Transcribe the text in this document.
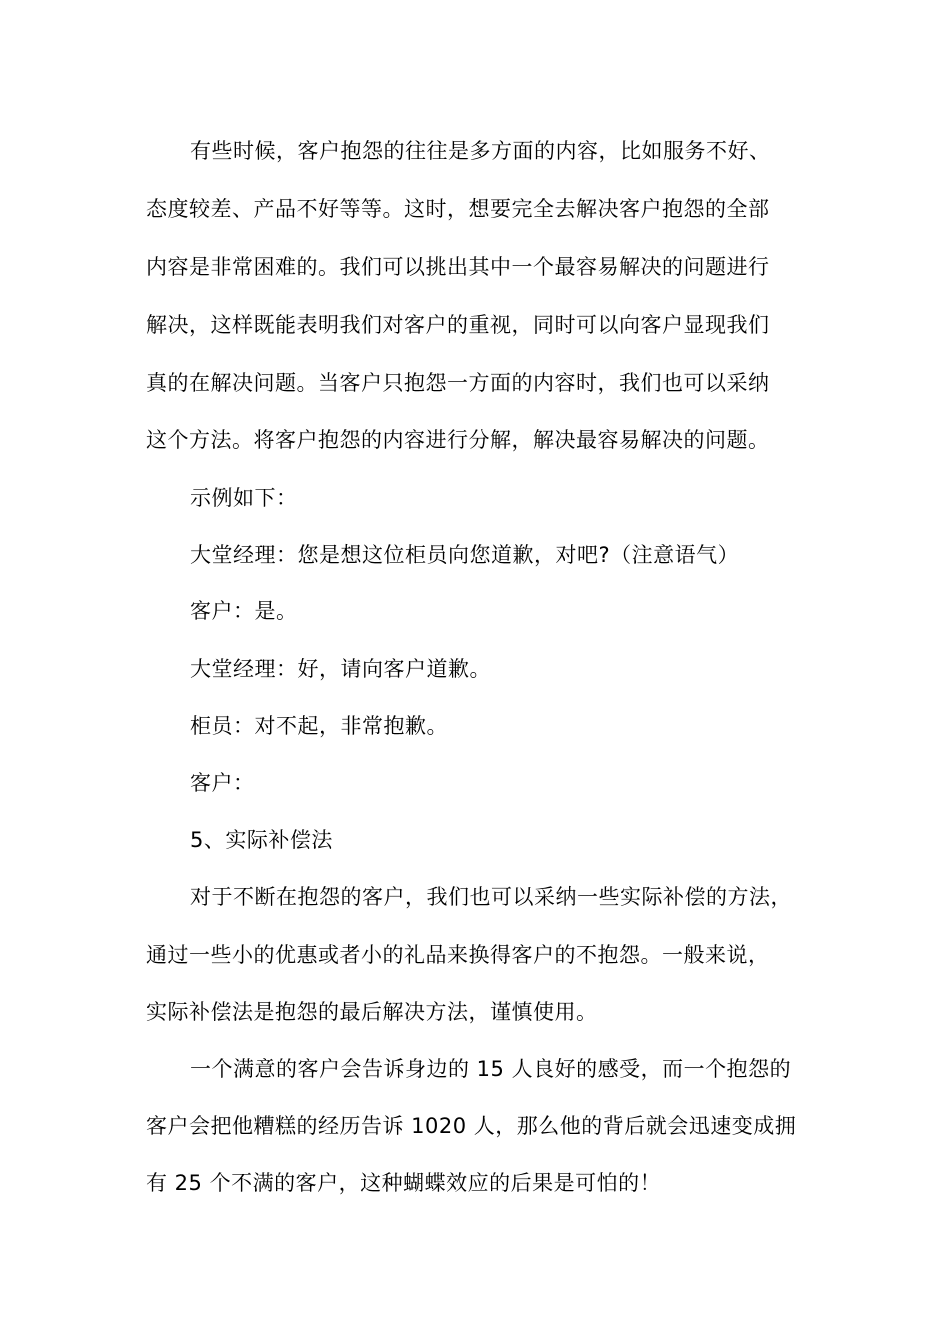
有些时候，客户抱怨的往往是多方面的内容，比如服务不好、
态度较差、产品不好等等。这时，想要完全去解决客户抱怨的全部
内容是非常困难的。我们可以挑出其中一个最容易解决的问题进行
解决，这样既能表明我们对客户的重视，同时可以向客户显现我们
真的在解决问题。当客户只抱怨一方面的内容时，我们也可以采纳
这个方法。将客户抱怨的内容进行分解，解决最容易解决的问题。
示例如下：
大堂经理：您是想这位柜员向您道歉，对吧?（注意语气）
客户：是。
大堂经理：好，请向客户道歉。
柜员：对不起，非常抱歉。
客户：
5、实际补偿法
对于不断在抱怨的客户，我们也可以采纳一些实际补偿的方法，
通过一些小的优惠或者小的礼品来换得客户的不抱怨。一般来说，
实际补偿法是抱怨的最后解决方法，谨慎使用。
一个满意的客户会告诉身边的 15 人良好的感受，而一个抱怨的
客户会把他糟糕的经历告诉 1020 人，那么他的背后就会迅速变成拥
有 25 个不满的客户，这种蝴蝶效应的后果是可怕的！
